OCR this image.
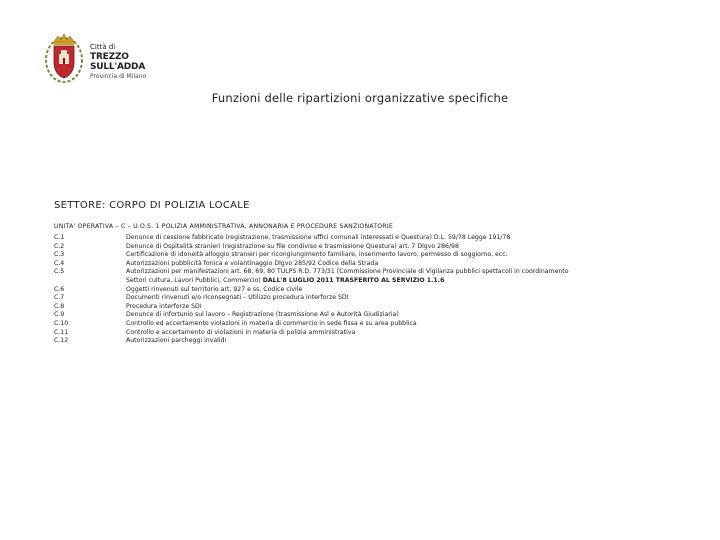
Città di
TREZZO SULL'ADDA
Provincia di Milano
Funzioni delle ripartizioni organizzative specifiche
SETTORE: CORPO DI POLIZIA LOCALE
UNITA' OPERATIVA – C – U.O.S. 1 POLIZIA AMMINISTRATIVA, ANNONARIA E PROCEDURE SANZIONATORIE
C.1	Denunce di cessione fabbricato (registrazione, trasmissione uffici comunali interessati e Questura) D.L. 59/78 Legge 191/78
C.2	Denunce di Ospitalità stranieri (registrazione su file condiviso e trasmissione Questura) art. 7 Dlgvo 286/98
C.3	Certificazione di idoneità alloggio stranieri per ricongiungimento familiare, inserimento lavoro, permesso di soggiorno, ecc.
C.4	Autorizzazioni pubblicità fonica e volantinaggio Dlgvo 285/92 Codice della Strada
C.5	Autorizzazioni per manifestazioni art. 68, 69, 80 TULPS R.D. 773/31 (Commissione Provinciale di Vigilanza pubblici spettacoli in coordinamento
Settori cultura, Lavori Pubblici, Commercio) DALL'8 LUGLIO 2011 TRASFERITO AL SERVIZIO 1.1.6
C.6	Oggetti rinvenuti sul territorio art. 927 e ss. Codice civile
C.7	Documenti rinvenuti e/o riconsegnati – Utilizzo procedura interforze SDI
C.8	Procedura interforze SDI
C.9	Denunce di infortunio sul lavoro – Registrazione (trasmissione Asl e Autorità Giudiziaria)
C.10	Controllo ed accertamento violazioni in materia di commercio in sede fissa e su area pubblica
C.11	Controllo e accertamento di violazioni in materia di polizia amministrativa
C.12	Autorizzazioni parcheggi invalidi
